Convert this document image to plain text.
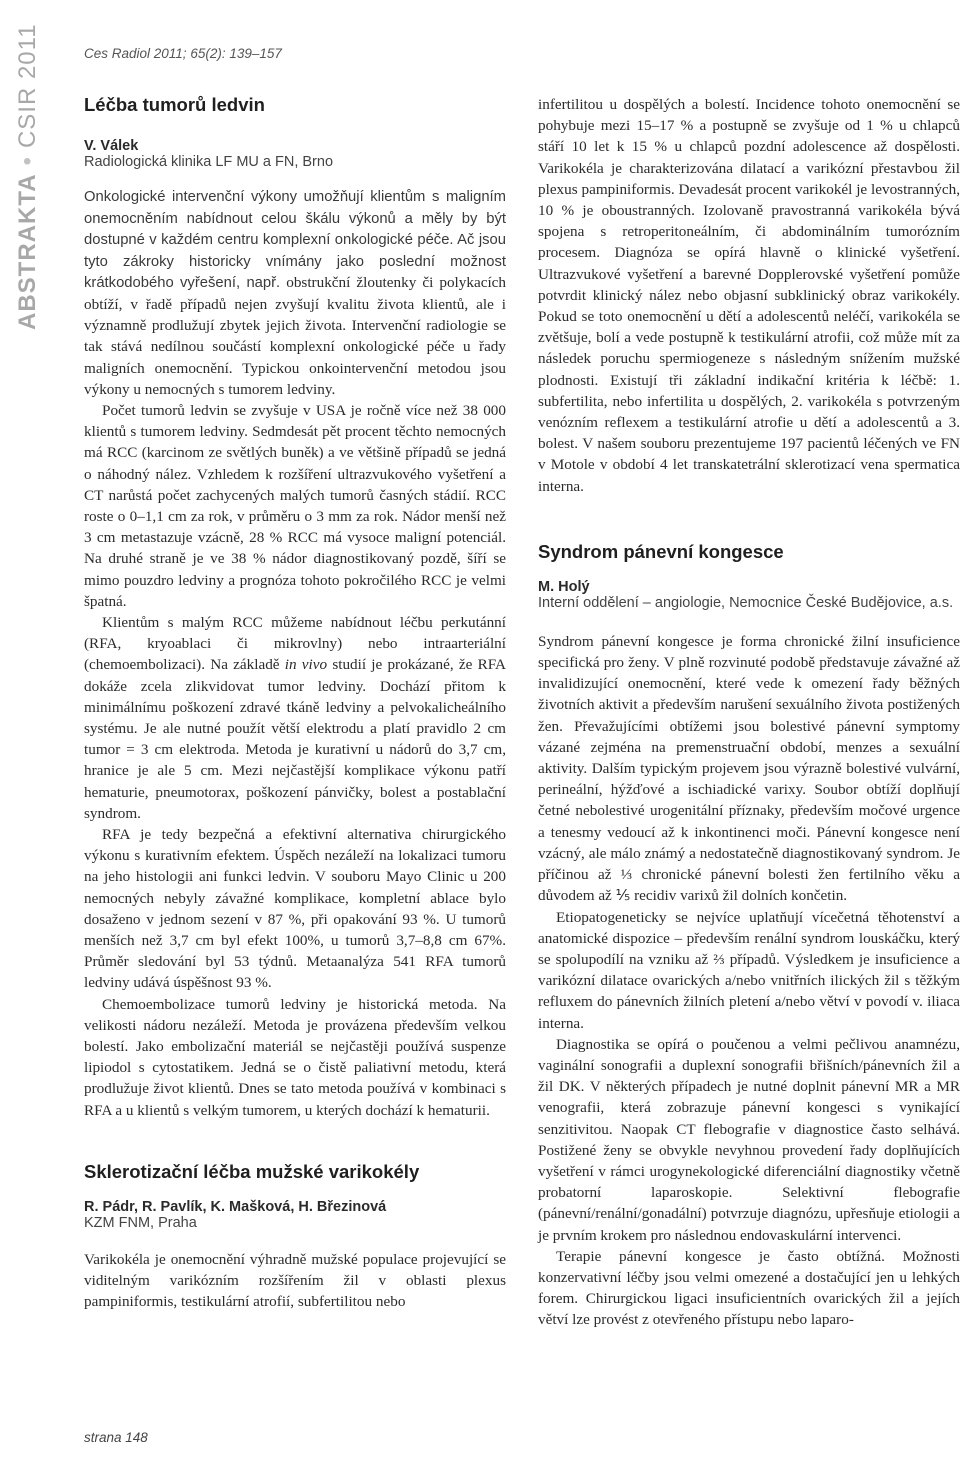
ABSTRAKTA•CSIR 2011	Ces Radiol 2011; 65(2): 139–157
Léčba tumorů ledvin

V. Válek

Radiologická klinika LF MU a FN, Brno

Onkologické intervenční výkony umožňují klientům s maligním onemocněním nabídnout celou škálu výkonů a měly by být dostupné v každém centru komplexní onkologické péče. Ač jsou tyto zákroky historicky vnímány jako poslední možnost krátkodobého vyřešení, např. obstrukční žloutenky či polykacích obtíží, v řadě případů nejen zvyšují kvalitu života klientů, ale i významně prodlužují zbytek jejich života. Intervenční radiologie se tak stává nedílnou součástí komplexní onkologické péče u řady maligních onemocnění. Typickou onkointervenční metodou jsou výkony u nemocných s tumorem ledviny.

Počet tumorů ledvin se zvyšuje v USA je ročně více než 38 000 klientů s tumorem ledviny. Sedmdesát pět procent těchto nemocných má RCC (karcinom ze světlých buněk) a ve většině případů se jedná o náhodný nález. Vzhledem k rozšíření ultrazvukového vyšetření a CT narůstá počet zachycených malých tumorů časných stádií. RCC roste o 0–1,1 cm za rok, v průměru o 3 mm za rok. Nádor menší než 3 cm metastazuje vzácně, 28 % RCC má vysoce maligní potenciál. Na druhé straně je ve 38 % nádor diagnostikovaný pozdě, šíří se mimo pouzdro ledviny a prognóza tohoto pokročilého RCC je velmi špatná.

Klientům s malým RCC můžeme nabídnout léčbu perkutánní (RFA, kryoablaci či mikrovlny) nebo intraarteriální (chemoembolizaci). Na základě in vivo studií je prokázané, že RFA dokáže zcela zlikvidovat tumor ledviny. Dochází přitom k minimálnímu poškození zdravé tkáně ledviny a pelvokalicheálního systému. Je ale nutné použít větší elektrodu a platí pravidlo 2 cm tumor = 3 cm elektroda. Metoda je kurativní u nádorů do 3,7 cm, hranice je ale 5 cm. Mezi nejčastější komplikace výkonu patří hematurie, pneumotorax, poškození pánvičky, bolest a postablační syndrom.

RFA je tedy bezpečná a efektivní alternativa chirurgického výkonu s kurativním efektem. Úspěch nezáleží na lokalizaci tumoru na jeho histologii ani funkci ledvin. V souboru Mayo Clinic u 200 nemocných nebyly závažné komplikace, kompletní ablace bylo dosaženo v jednom sezení v 87 %, při opakování 93 %. U tumorů menších než 3,7 cm byl efekt 100%, u tumorů 3,7–8,8 cm 67%. Průměr sledování byl 53 týdnů. Metaanalýza 541 RFA tumorů ledviny udává úspěšnost 93 %.

Chemoembolizace tumorů ledviny je historická metoda. Na velikosti nádoru nezáleží. Metoda je provázena především velkou bolestí. Jako embolizační materiál se nejčastěji používá suspenze lipiodol s cytostatikem. Jedná se o čistě paliativní metodu, která prodlužuje život klientů. Dnes se tato metoda používá v kombinaci s RFA a u klientů s velkým tumorem, u kterých dochází k hematurii.

Sklerotizační léčba mužské varikokély

R. Pádr, R. Pavlík, K. Mašková, H. Březinová

KZM FNM, Praha

Varikokéla je onemocnění výhradně mužské populace projevující se viditelným varikózním rozšířením žil v oblasti plexus pampiniformis, testikulární atrofií, subfertilitou nebo

infertilitou u dospělých a bolestí. Incidence tohoto onemocnění se pohybuje mezi 15–17 % a postupně se zvyšuje od 1 % u chlapců stáří 10 let k 15 % u chlapců pozdní adolescence až dospělosti. Varikokéla je charakterizována dilatací a varikózní přestavbou žil plexus pampiniformis. Devadesát procent varikokél je levostranných, 10 % je oboustranných. Izolovaně pravostranná varikokéla bývá spojena s retroperitoneálním, či abdominálním tumorózním procesem. Diagnóza se opírá hlavně o klinické vyšetření. Ultrazvukové vyšetření a barevné Dopplerovské vyšetření pomůže potvrdit klinický nález nebo objasní subklinický obraz varikokély. Pokud se toto onemocnění u dětí a adolescentů neléčí, varikokéla se zvětšuje, bolí a vede postupně k testikulární atrofii, což může mít za následek poruchu spermiogeneze s následným snížením mužské plodnosti. Existují tři základní indikační kritéria k léčbě: 1. subfertilita, nebo infertilita u dospělých, 2. varikokéla s potvrzeným venózním reflexem a testikulární atrofie u dětí a adolescentů a 3. bolest. V našem souboru prezentujeme 197 pacientů léčených ve FN v Motole v období 4 let transkatetrální sklerotizací vena spermatica interna.

Syndrom pánevní kongesce

M. Holý

Interní oddělení – angiologie, Nemocnice České Budějovice, a.s.

Syndrom pánevní kongesce je forma chronické žilní insuficience specifická pro ženy. V plně rozvinuté podobě představuje závažné až invalidizující onemocnění, které vede k omezení řady běžných životních aktivit a především narušení sexuálního života postižených žen. Převažujícími obtížemi jsou bolestivé pánevní symptomy vázané zejména na premenstruační období, menzes a sexuální aktivity. Dalším typickým projevem jsou výrazně bolestivé vulvární, perineální, hýžďové a ischiadické varixy. Soubor obtíží doplňují četné nebolestivé urogenitální příznaky, především močové urgence a tenesmy vedoucí až k inkontinenci moči. Pánevní kongesce není vzácný, ale málo známý a nedostatečně diagnostikovaný syndrom. Je příčinou až ⅓ chronické pánevní bolesti žen fertilního věku a důvodem až ⅕ recidiv varixů žil dolních končetin.

Etiopatogeneticky se nejvíce uplatňují vícečetná těhotenství a anatomické dispozice – především renální syndrom louskáčku, který se spolupodílí na vzniku až ⅔ případů. Výsledkem je insuficience a varikózní dilatace ovarických a/nebo vnitřních ilických žil s těžkým refluxem do pánevních žilních pletení a/nebo větví v povodí v. iliaca interna.

Diagnostika se opírá o poučenou a velmi pečlivou anamnézu, vaginální sonografii a duplexní sonografii břišních/pánevních žil a žil DK. V některých případech je nutné doplnit pánevní MR a MR venografii, která zobrazuje pánevní kongesci s vynikající senzitivitou. Naopak CT flebografie v diagnostice často selhává. Postižené ženy se obvykle nevyhnou provedení řady doplňujících vyšetření v rámci urogynekologické diferenciální diagnostiky včetně probatorní laparoskopie. Selektivní flebografie (pánevní/renální/gonadální) potvrzuje diagnózu, upřesňuje etiologii a je prvním krokem pro následnou endovaskulární intervenci.

Terapie pánevní kongesce je často obtížná. Možnosti konzervativní léčby jsou velmi omezené a dostačující jen u lehkých forem. Chirurgickou ligaci insuficientních ovarických žil a jejích větví lze provést z otevřeného přístupu nebo laparo-

strana 148
